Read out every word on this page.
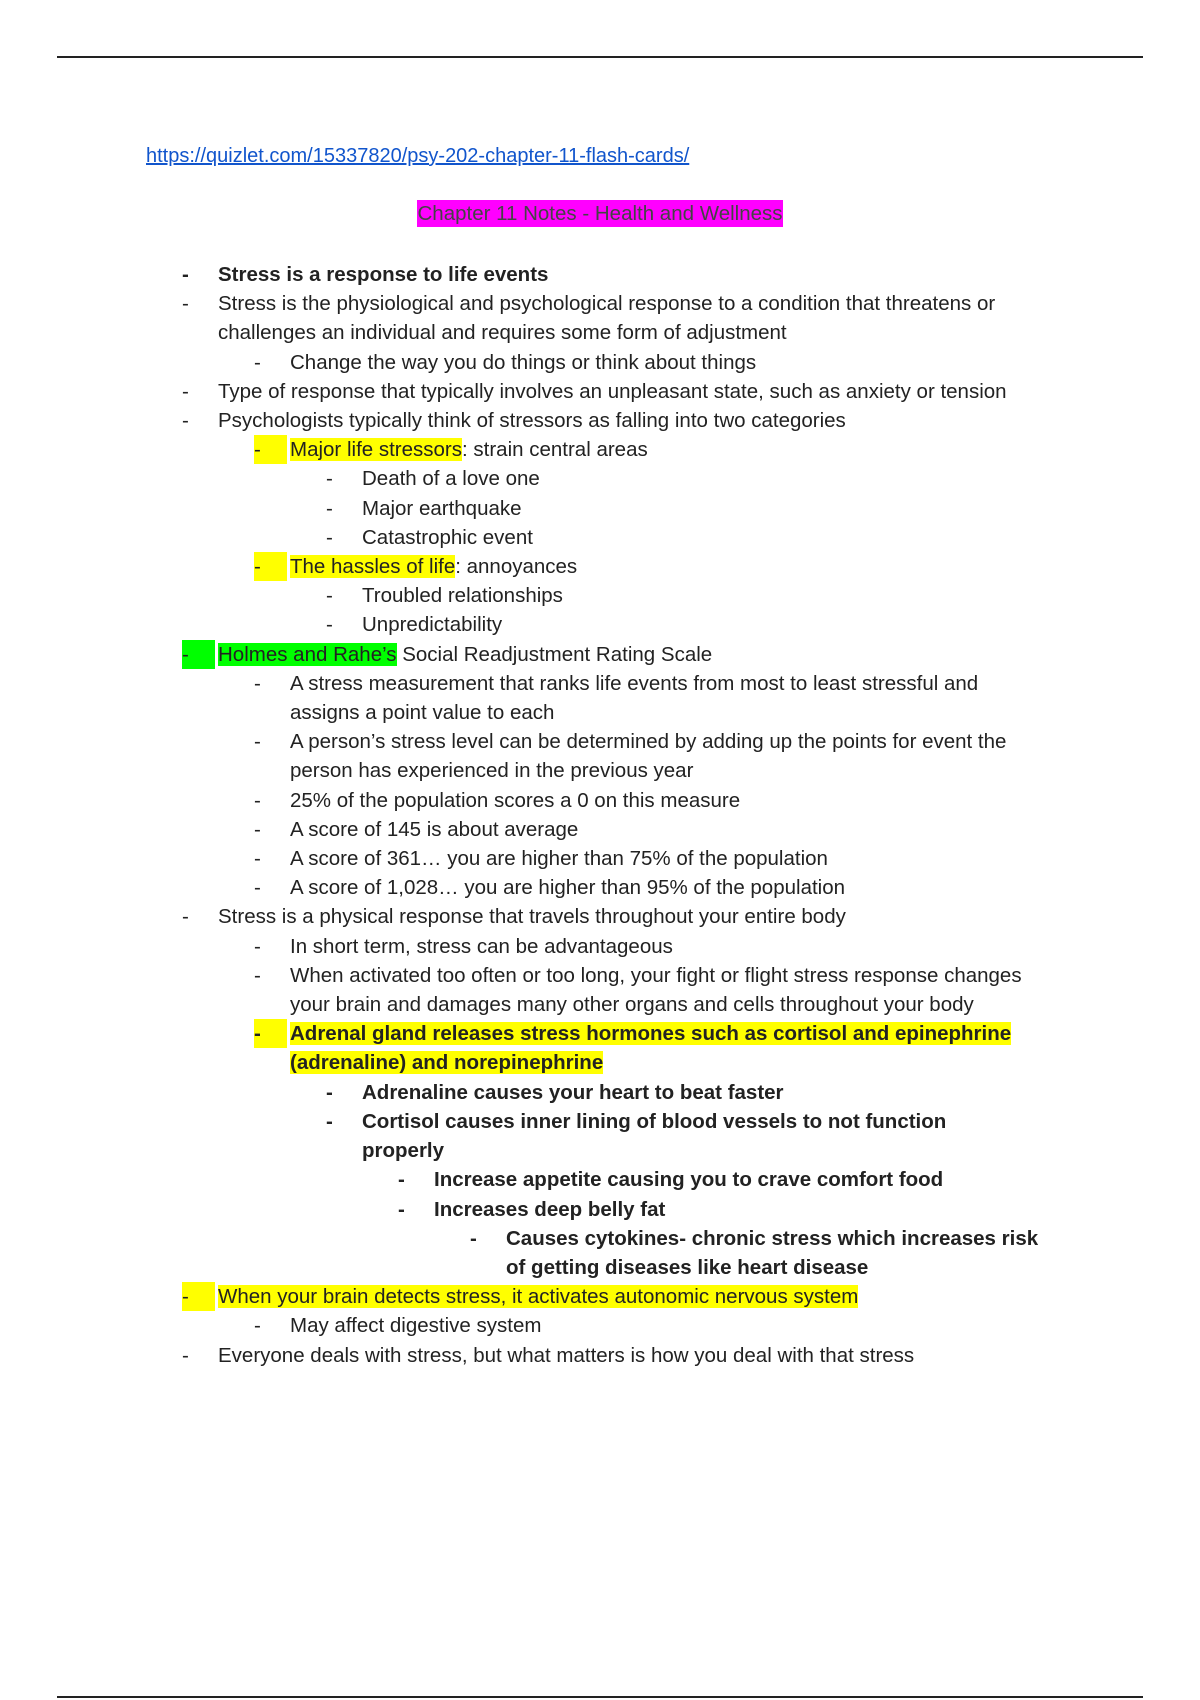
https://quizlet.com/15337820/psy-202-chapter-11-flash-cards/
Chapter 11 Notes - Health and Wellness
- Stress is a response to life events
- Stress is the physiological and psychological response to a condition that threatens or
challenges an individual and requires some form of adjustment
- Change the way you do things or think about things
- Type of response that typically involves an unpleasant state, such as anxiety or tension
- Psychologists typically think of stressors as falling into two categories
-	Major life stressors: strain central areas
- Death of a love one
- Major earthquake
- Catastrophic event
-	The hassles of life: annoyances
- Troubled relationships
- Unpredictability
-	Holmes and Rahe’s Social Readjustment Rating Scale
- A stress measurement that ranks life events from most to least stressful and
assigns a point value to each
- A person’s stress level can be determined by adding up the points for event the
person has experienced in the previous year
- 25% of the population scores a 0 on this measure
- A score of 145 is about average
- A score of 361… you are higher than 75% of the population
- A score of 1,028… you are higher than 95% of the population
- Stress is a physical response that travels throughout your entire body
- In short term, stress can be advantageous
- When activated too often or too long, your fight or flight stress response changes
your brain and damages many other organs and cells throughout your body
-	Adrenal gland releases stress hormones such as cortisol and epinephrine
(adrenaline) and norepinephrine
- Adrenaline causes your heart to beat faster
- Cortisol causes inner lining of blood vessels to not function
properly
- Increase appetite causing you to crave comfort food
- Increases deep belly fat
- Causes cytokines- chronic stress which increases risk
of getting diseases like heart disease
-	When your brain detects stress, it activates autonomic nervous system
- May affect digestive system
- Everyone deals with stress, but what matters is how you deal with that stress
